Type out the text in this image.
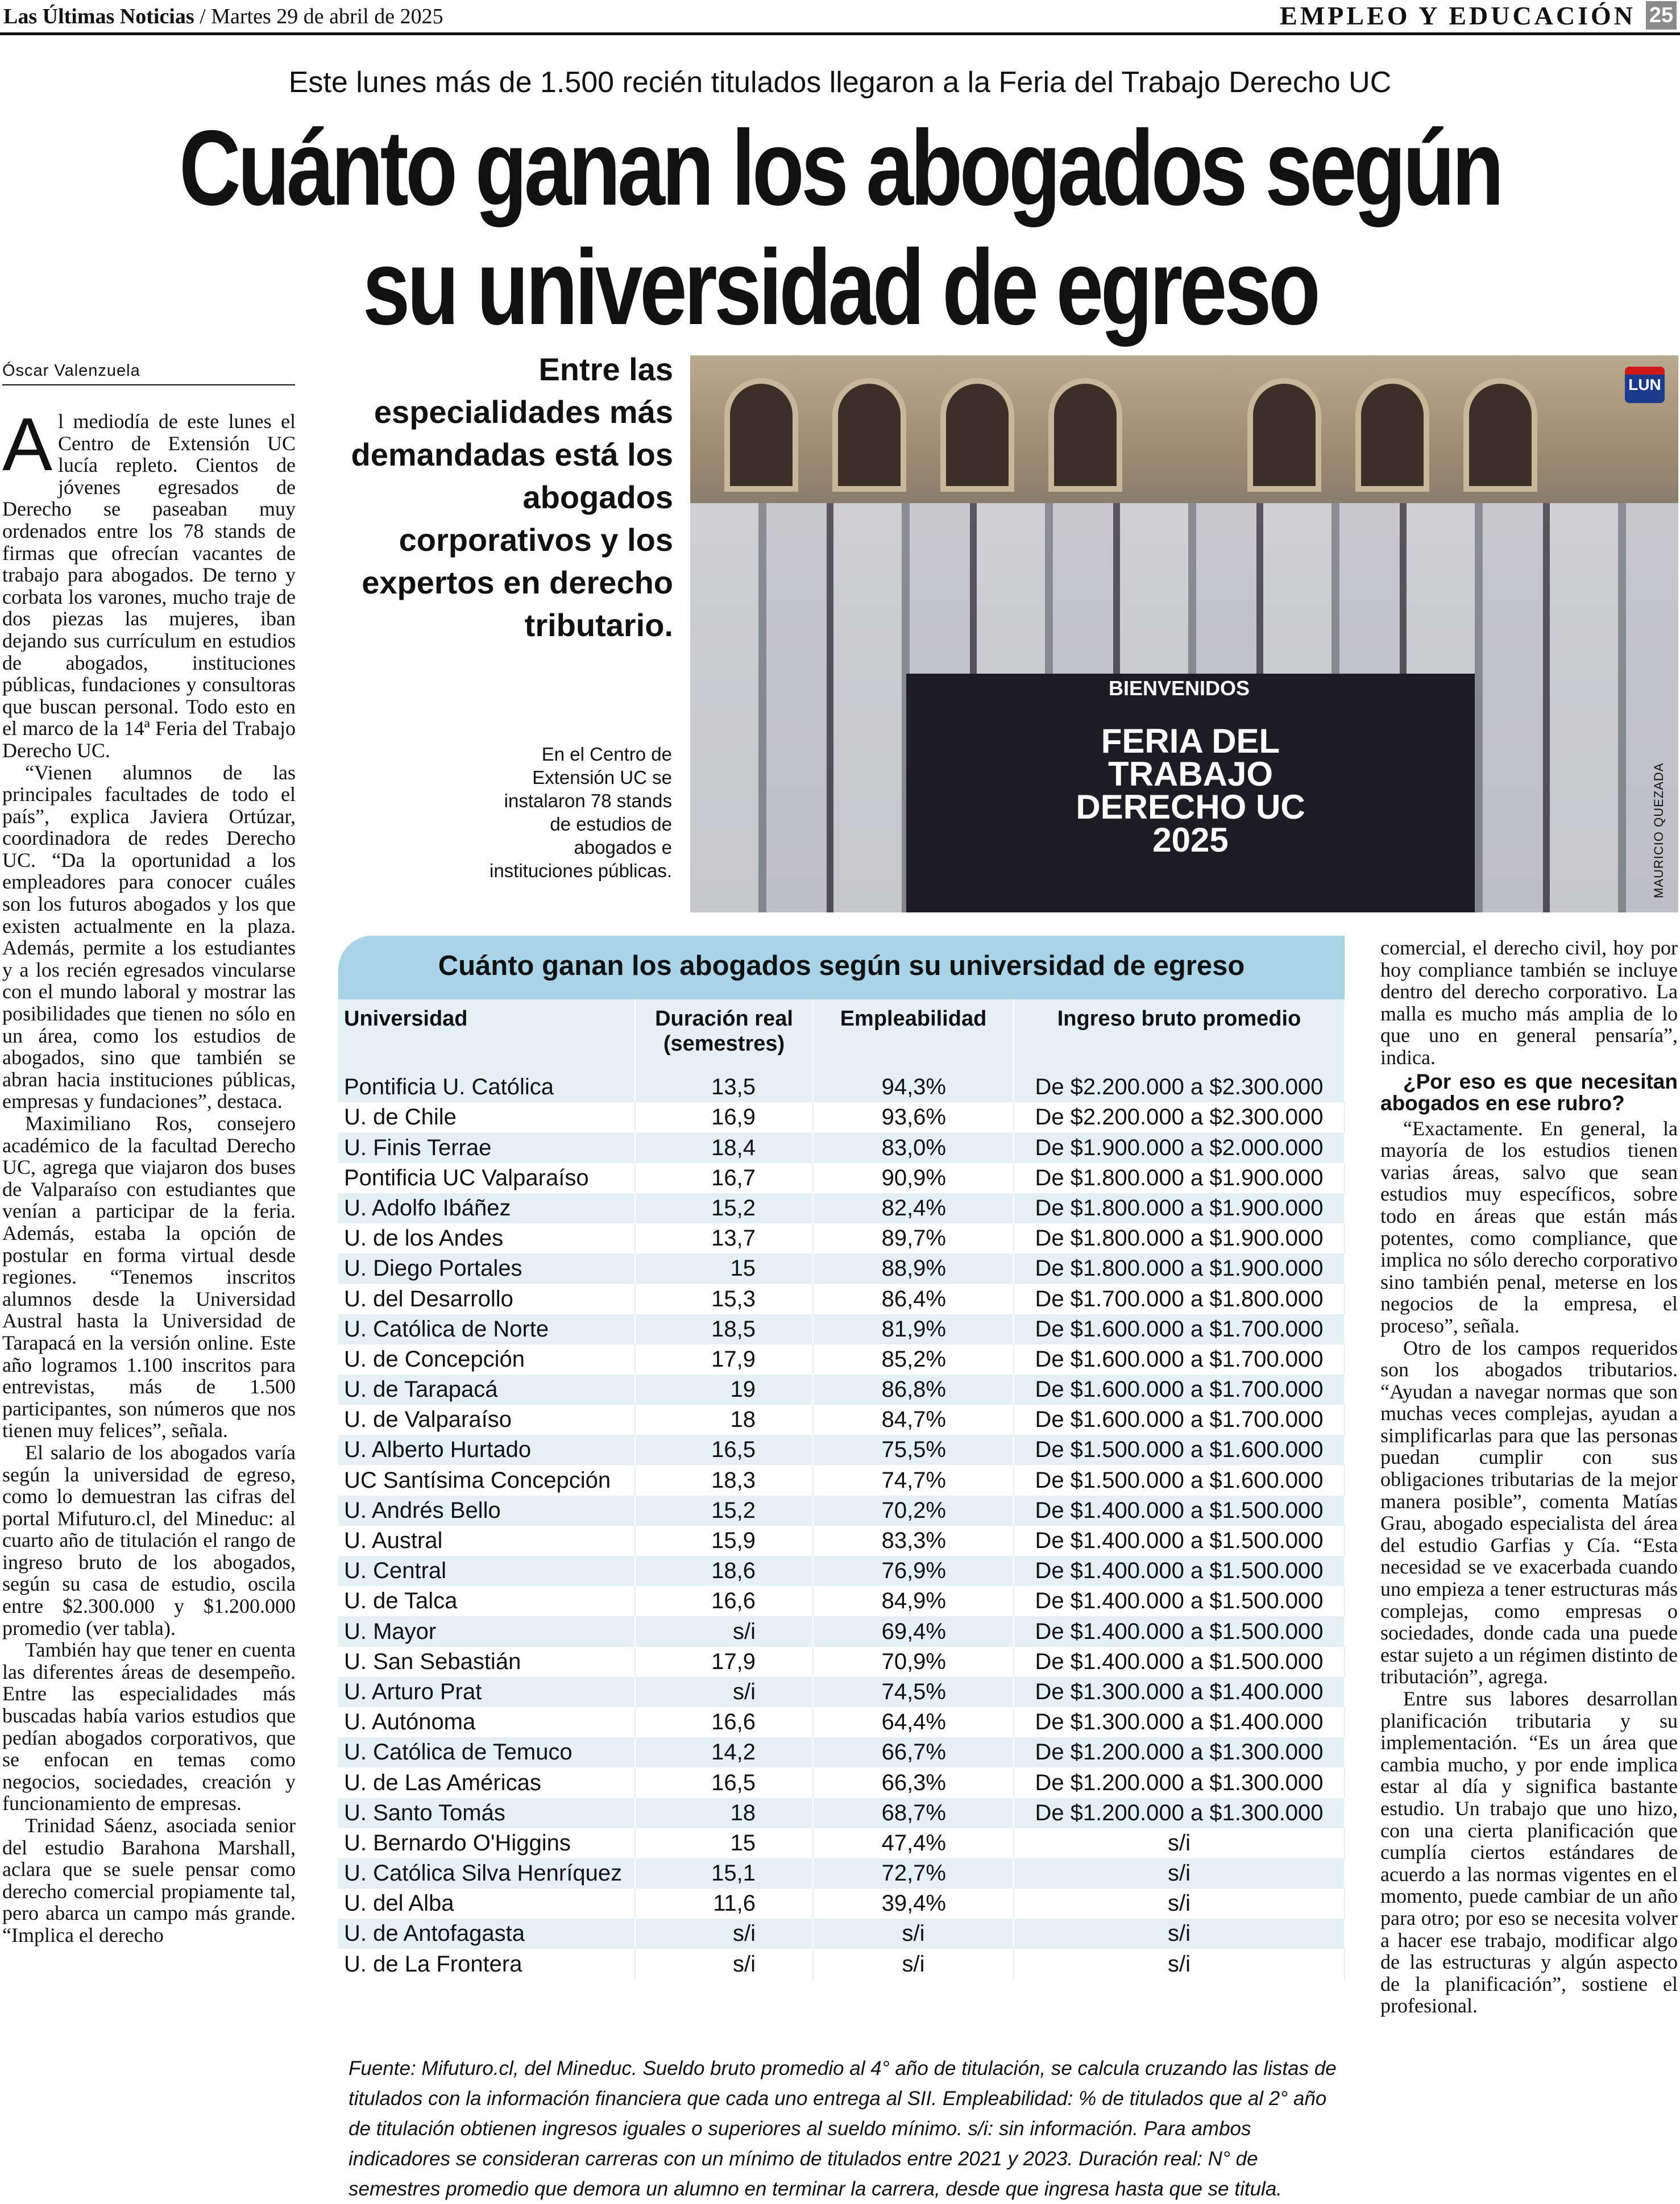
Las Últimas Noticias / Martes 29 de abril de 2025	EMPLEO Y EDUCACIÓN 25
Este lunes más de 1.500 recién titulados llegaron a la Feria del Trabajo Derecho UC
Cuánto ganan los abogados según
su universidad de egreso
Óscar Valenzuela
A l mediodía de este lunes el Centro de Extensión UC lucía repleto. Cientos de jóvenes egresados de Derecho se paseaban muy ordenados entre los 78 stands de firmas que ofrecían vacantes de trabajo para abogados. De terno y corbata los varones, mucho traje de dos piezas las mujeres, iban dejando sus currículum en estudios de abogados, instituciones públicas, fundaciones y consultoras que buscan personal. Todo esto en el marco de la 14ª Feria del Trabajo Derecho UC.

“Vienen alumnos de las principales facultades de todo el país”, explica Javiera Ortúzar, coordinadora de redes Derecho UC. “Da la oportunidad a los empleadores para conocer cuáles son los futuros abogados y los que existen actualmente en la plaza. Además, permite a los estudiantes y a los recién egresados vincularse con el mundo laboral y mostrar las posibilidades que tienen no sólo en un área, como los estudios de abogados, sino que también se abran hacia instituciones públicas, empresas y fundaciones”, destaca.

Maximiliano Ros, consejero académico de la facultad Derecho UC, agrega que viajaron dos buses de Valparaíso con estudiantes que venían a participar de la feria. Además, estaba la opción de postular en forma virtual desde regiones. “Tenemos inscritos alumnos desde la Universidad Austral hasta la Universidad de Tarapacá en la versión online. Este año logramos 1.100 inscritos para entrevistas, más de 1.500 participantes, son números que nos tienen muy felices”, señala.

El salario de los abogados varía según la universidad de egreso, como lo demuestran las cifras del portal Mifuturo.cl, del Mineduc: al cuarto año de titulación el rango de ingreso bruto de los abogados, según su casa de estudio, oscila entre $2.300.000 y $1.200.000 promedio (ver tabla).

También hay que tener en cuenta las diferentes áreas de desempeño. Entre las especialidades más buscadas había varios estudios que pedían abogados corporativos, que se enfocan en temas como negocios, sociedades, creación y funcionamiento de empresas.

Trinidad Sáenz, asociada senior del estudio Barahona Marshall, aclara que se suele pensar como derecho comercial propiamente tal, pero abarca un campo más grande. “Implica el derecho

Entre las especialidades más demandadas está los abogados corporativos y los expertos en derecho tributario.
En el Centro de Extensión UC se instalaron 78 stands de estudios de abogados e instituciones públicas.
BIENVENIDOS
FERIA DEL TRABAJO DERECHO UC 2025
LUN
MAURICIO QUEZADA
Cuánto ganan los abogados según su universidad de egreso
Universidad	Duración real (semestres)	Empleabilidad	Ingreso bruto promedio
Pontificia U. Católica	13,5	94,3%	De $2.200.000 a $2.300.000
U. de Chile	16,9	93,6%	De $2.200.000 a $2.300.000
U. Finis Terrae	18,4	83,0%	De $1.900.000 a $2.000.000
Pontificia UC Valparaíso	16,7	90,9%	De $1.800.000 a $1.900.000
U. Adolfo Ibáñez	15,2	82,4%	De $1.800.000 a $1.900.000
U. de los Andes	13,7	89,7%	De $1.800.000 a $1.900.000
U. Diego Portales	15	88,9%	De $1.800.000 a $1.900.000
U. del Desarrollo	15,3	86,4%	De $1.700.000 a $1.800.000
U. Católica de Norte	18,5	81,9%	De $1.600.000 a $1.700.000
U. de Concepción	17,9	85,2%	De $1.600.000 a $1.700.000
U. de Tarapacá	19	86,8%	De $1.600.000 a $1.700.000
U. de Valparaíso	18	84,7%	De $1.600.000 a $1.700.000
U. Alberto Hurtado	16,5	75,5%	De $1.500.000 a $1.600.000
UC Santísima Concepción	18,3	74,7%	De $1.500.000 a $1.600.000
U. Andrés Bello	15,2	70,2%	De $1.400.000 a $1.500.000
U. Austral	15,9	83,3%	De $1.400.000 a $1.500.000
U. Central	18,6	76,9%	De $1.400.000 a $1.500.000
U. de Talca	16,6	84,9%	De $1.400.000 a $1.500.000
U. Mayor	s/i	69,4%	De $1.400.000 a $1.500.000
U. San Sebastián	17,9	70,9%	De $1.400.000 a $1.500.000
U. Arturo Prat	s/i	74,5%	De $1.300.000 a $1.400.000
U. Autónoma	16,6	64,4%	De $1.300.000 a $1.400.000
U. Católica de Temuco	14,2	66,7%	De $1.200.000 a $1.300.000
U. de Las Américas	16,5	66,3%	De $1.200.000 a $1.300.000
U. Santo Tomás	18	68,7%	De $1.200.000 a $1.300.000
U. Bernardo O'Higgins	15	47,4%	s/i
U. Católica Silva Henríquez	15,1	72,7%	s/i
U. del Alba	11,6	39,4%	s/i
U. de Antofagasta	s/i	s/i	s/i
U. de La Frontera	s/i	s/i	s/i
Fuente: Mifuturo.cl, del Mineduc. Sueldo bruto promedio al 4° año de titulación, se calcula cruzando las listas de titulados con la información financiera que cada uno entrega al SII. Empleabilidad: % de titulados que al 2° año de titulación obtienen ingresos iguales o superiores al sueldo mínimo. s/i: sin información. Para ambos indicadores se consideran carreras con un mínimo de titulados entre 2021 y 2023. Duración real: N° de semestres promedio que demora un alumno en terminar la carrera, desde que ingresa hasta que se titula.

comercial, el derecho civil, hoy por hoy compliance también se incluye dentro del derecho corporativo. La malla es mucho más amplia de lo que uno en general pensaría”, indica.

¿Por eso es que necesitan abogados en ese rubro?

“Exactamente. En general, la mayoría de los estudios tienen varias áreas, salvo que sean estudios muy específicos, sobre todo en áreas que están más potentes, como compliance, que implica no sólo derecho corporativo sino también penal, meterse en los negocios de la empresa, el proceso”, señala.

Otro de los campos requeridos son los abogados tributarios. “Ayudan a navegar normas que son muchas veces complejas, ayudan a simplificarlas para que las personas puedan cumplir con sus obligaciones tributarias de la mejor manera posible”, comenta Matías Grau, abogado especialista del área del estudio Garfias y Cía. “Esta necesidad se ve exacerbada cuando uno empieza a tener estructuras más complejas, como empresas o sociedades, donde cada una puede estar sujeto a un régimen distinto de tributación”, agrega.

Entre sus labores desarrollan planificación tributaria y su implementación. “Es un área que cambia mucho, y por ende implica estar al día y significa bastante estudio. Un trabajo que uno hizo, con una cierta planificación que cumplía ciertos estándares de acuerdo a las normas vigentes en el momento, puede cambiar de un año para otro; por eso se necesita volver a hacer ese trabajo, modificar algo de las estructuras y algún aspecto de la planificación”, sostiene el profesional.
